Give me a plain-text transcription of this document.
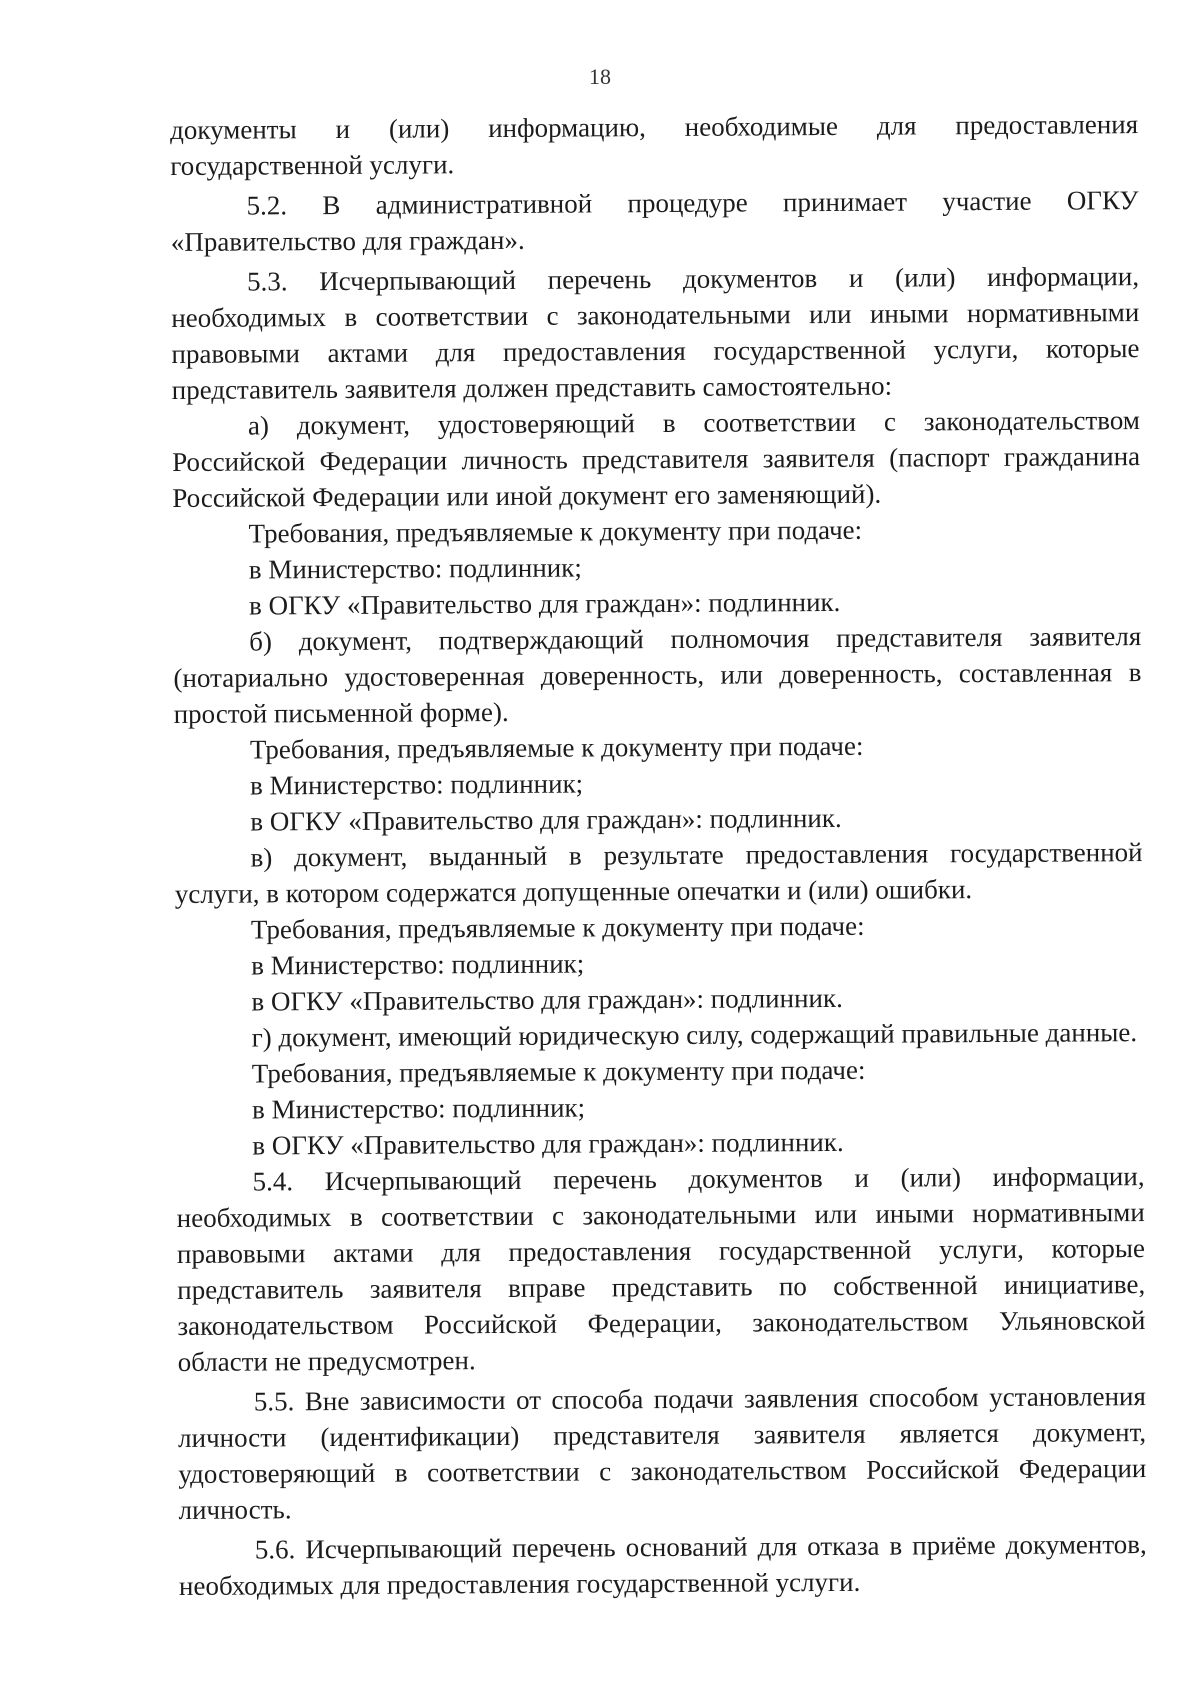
18

документы и (или) информацию, необходимые для предоставления государственной услуги.

5.2. В административной процедуре принимает участие ОГКУ «Правительство для граждан».

5.3. Исчерпывающий перечень документов и (или) информации, необходимых в соответствии с законодательными или иными нормативными правовыми актами для предоставления государственной услуги, которые представитель заявителя должен представить самостоятельно:

а) документ, удостоверяющий в соответствии с законодательством Российской Федерации личность представителя заявителя (паспорт гражданина Российской Федерации или иной документ его заменяющий).

Требования, предъявляемые к документу при подаче:

в Министерство: подлинник;

в ОГКУ «Правительство для граждан»: подлинник.

б) документ, подтверждающий полномочия представителя заявителя (нотариально удостоверенная доверенность, или доверенность, составленная в простой письменной форме).

Требования, предъявляемые к документу при подаче:

в Министерство: подлинник;

в ОГКУ «Правительство для граждан»: подлинник.

в) документ, выданный в результате предоставления государственной услуги, в котором содержатся допущенные опечатки и (или) ошибки.

Требования, предъявляемые к документу при подаче:

в Министерство: подлинник;

в ОГКУ «Правительство для граждан»: подлинник.

г) документ, имеющий юридическую силу, содержащий правильные данные.

Требования, предъявляемые к документу при подаче:

в Министерство: подлинник;

в ОГКУ «Правительство для граждан»: подлинник.

5.4. Исчерпывающий перечень документов и (или) информации, необходимых в соответствии с законодательными или иными нормативными правовыми актами для предоставления государственной услуги, которые представитель заявителя вправе представить по собственной инициативе, законодательством Российской Федерации, законодательством Ульяновской области не предусмотрен.

5.5. Вне зависимости от способа подачи заявления способом установления личности (идентификации) представителя заявителя является документ, удостоверяющий в соответствии с законодательством Российской Федерации личность.

5.6. Исчерпывающий перечень оснований для отказа в приёме документов, необходимых для предоставления государственной услуги.
